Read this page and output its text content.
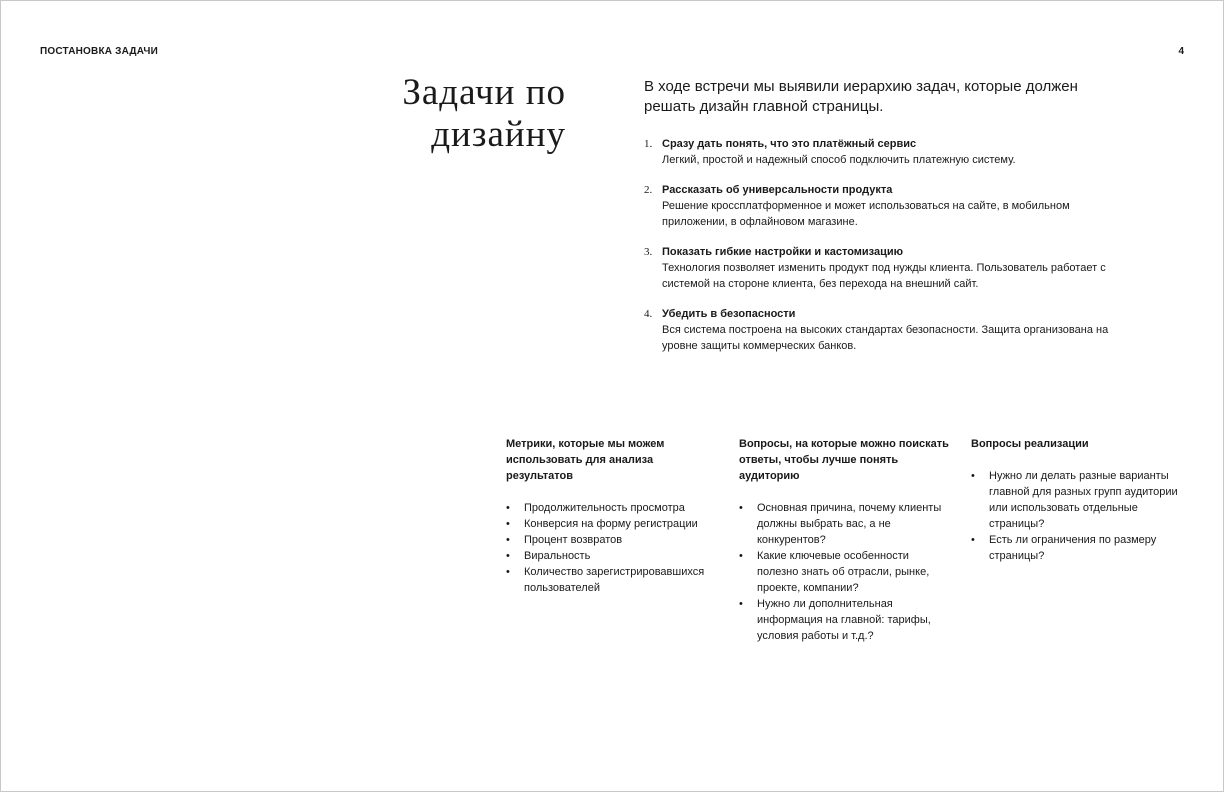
ПОСТАНОВКА ЗАДАЧИ	4
Задачи по
дизайну

В ходе встречи мы выявили иерархию задач, которые должен решать дизайн главной страницы.

1. Сразу дать понять, что это платёжный сервис
Легкий, простой и надежный способ подключить платежную систему.
2. Рассказать об универсальности продукта
Решение кроссплатформенное и может использоваться на сайте, в мобильном приложении, в офлайновом магазине.
3. Показать гибкие настройки и кастомизацию
Технология позволяет изменить продукт под нужды клиента. Пользователь работает с системой на стороне клиента, без перехода на внешний сайт.
4. Убедить в безопасности
Вся система построена на высоких стандартах безопасности. Защита организована на уровне защиты коммерческих банков.

Метрики, которые мы можем использовать для анализа результатов

• Продолжительность просмотра
• Конверсия на форму регистрации
• Процент возвратов
• Виральность
• Количество зарегистрировавшихся пользователей

Вопросы, на которые можно поискать ответы, чтобы лучше понять аудиторию

• Основная причина, почему клиенты должны выбрать вас, а не конкурентов?
• Какие ключевые особенности полезно знать об отрасли, рынке, проекте, компании?
• Нужно ли дополнительная информация на главной: тарифы, условия работы и т.д.?

Вопросы реализации

• Нужно ли делать разные варианты главной для разных групп аудитории или использовать отдельные страницы?
• Есть ли ограничения по размеру страницы?
